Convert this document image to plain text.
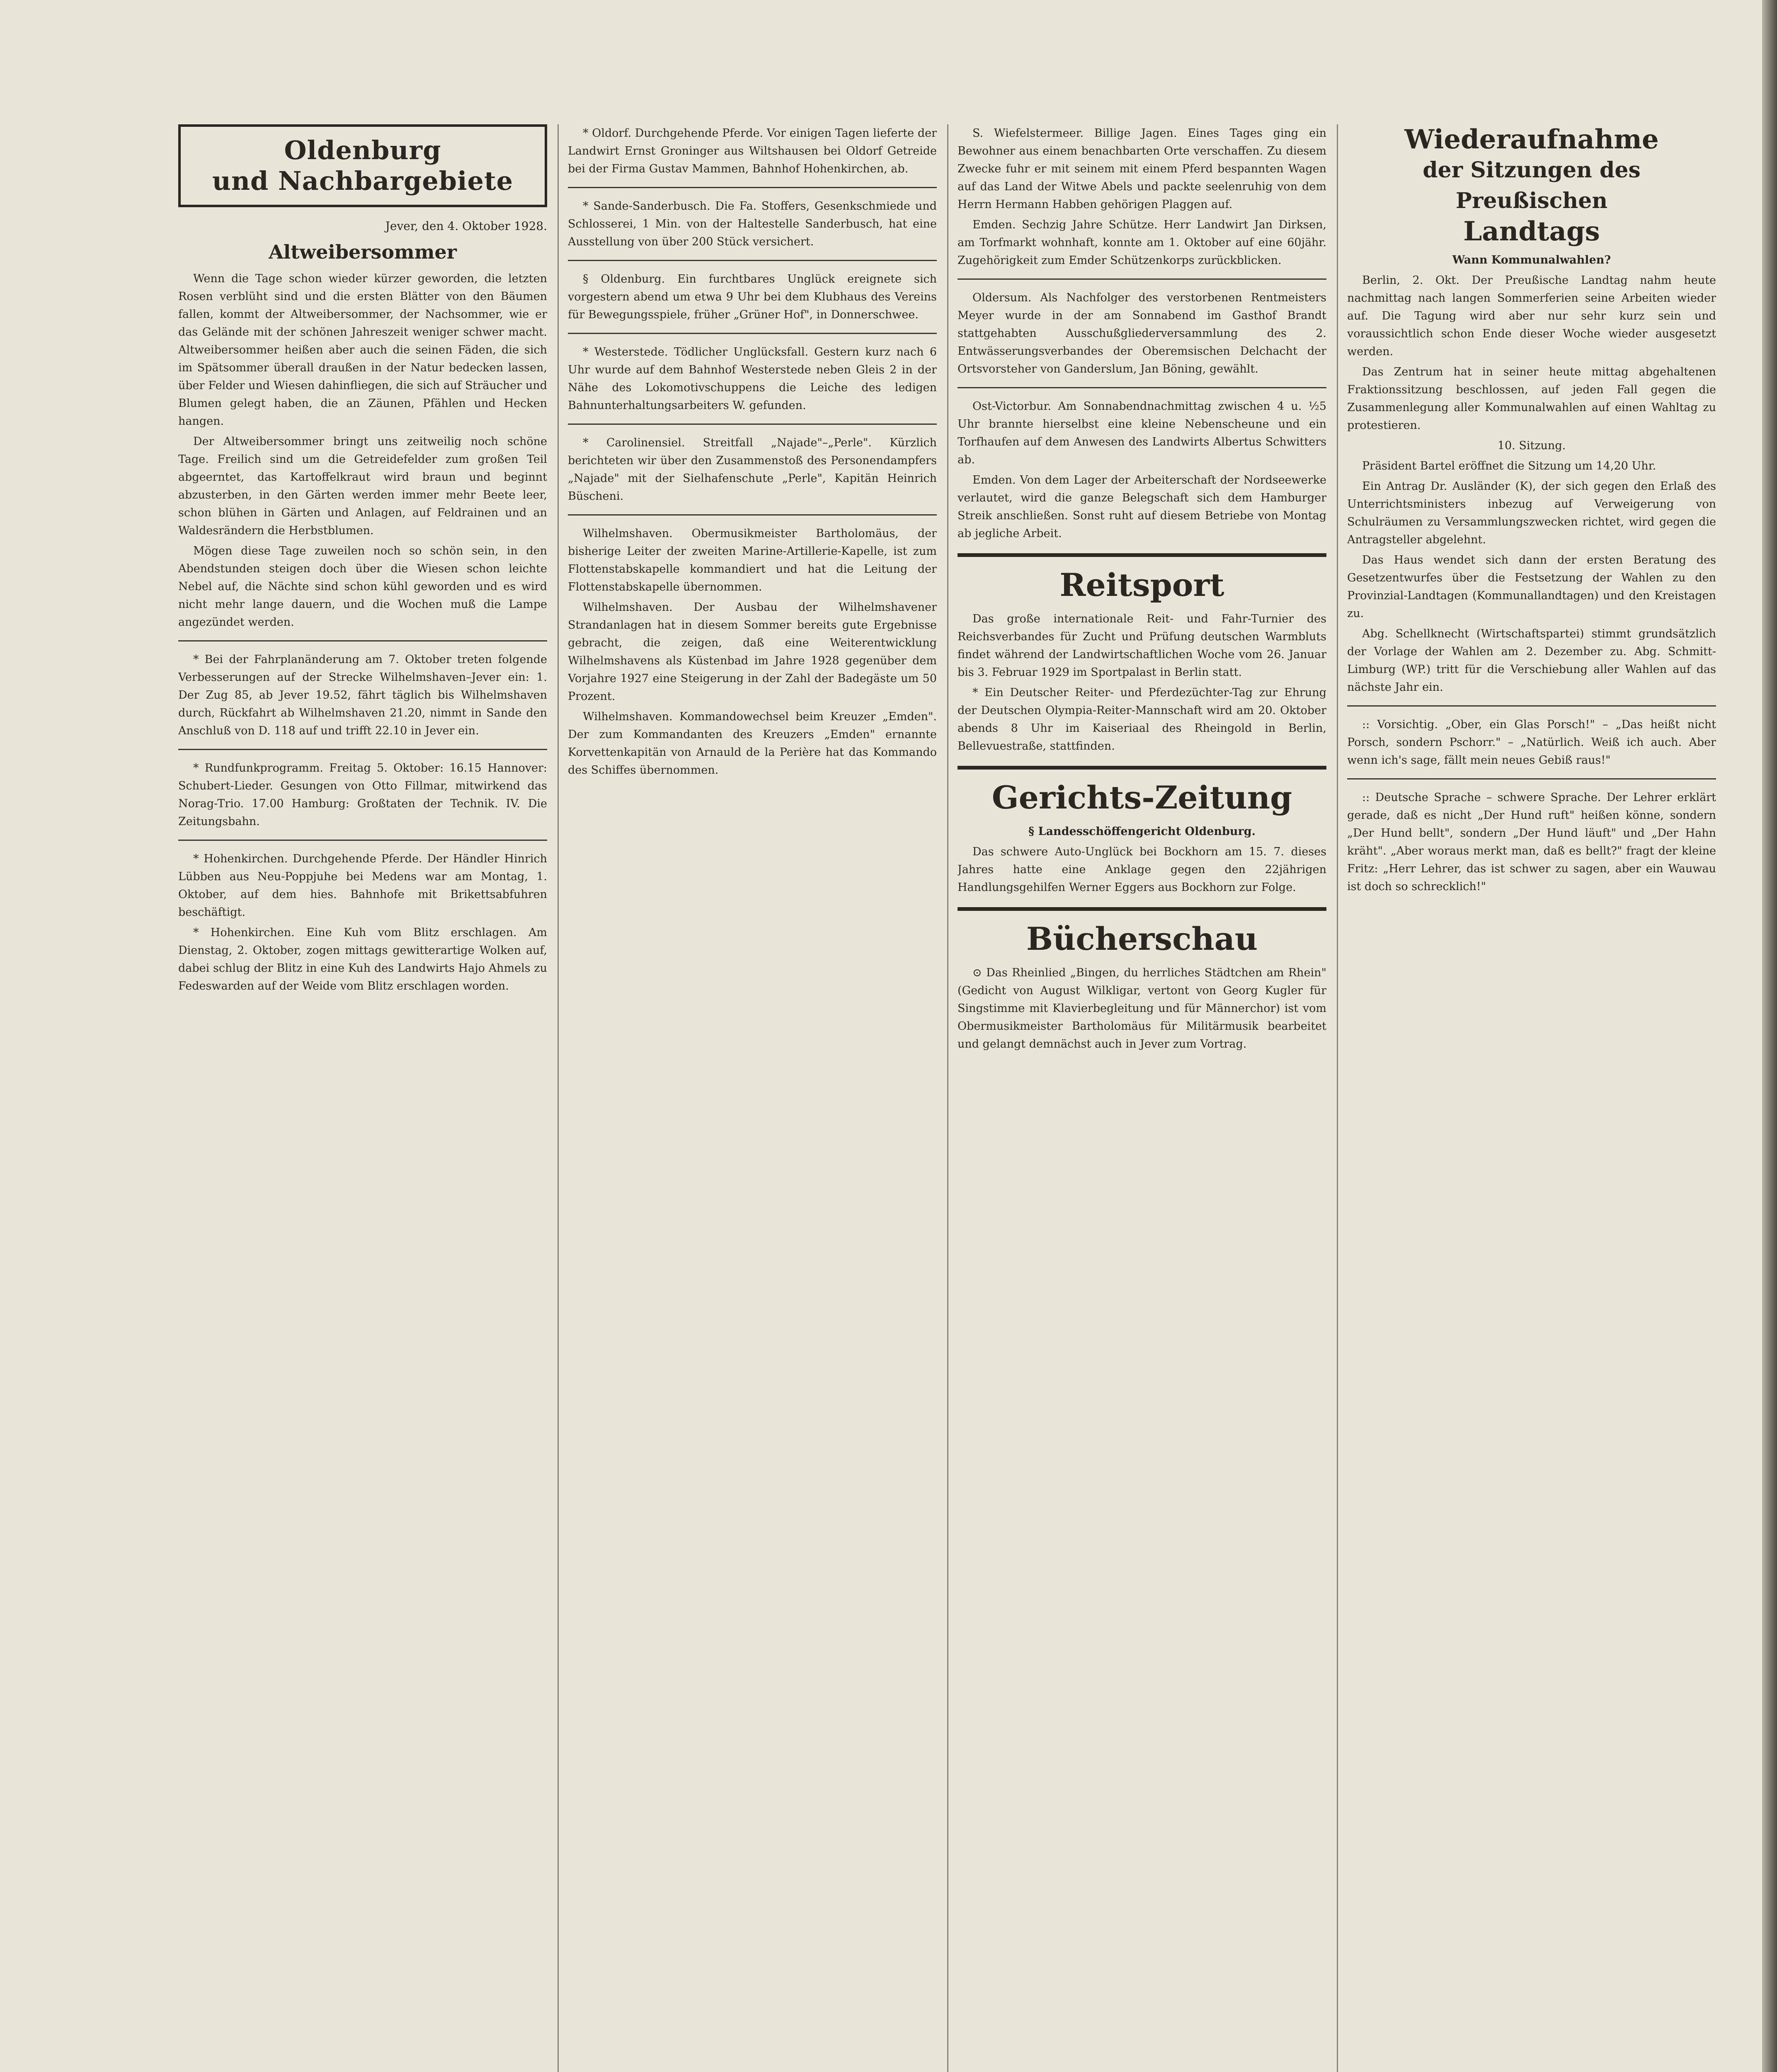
Oldenburg
und Nachbargebiete
Jever, den 4. Oktober 1928.
Altweibersommer

Wenn die Tage schon wieder kürzer geworden, die letzten Rosen verblüht sind und die ersten Blätter von den Bäumen fallen, kommt der Altweibersommer, der Nachsommer, wie er das Gelände mit der schönen Jahreszeit weniger schwer macht. Altweibersommer heißen aber auch die seinen Fäden, die sich im Spätsommer überall draußen in der Natur bedecken lassen, über Felder und Wiesen dahinfliegen, die sich auf Sträucher und Blumen gelegt haben, die an Zäunen, Pfählen und Hecken hangen.

Der Altweibersommer bringt uns zeitweilig noch schöne Tage. Freilich sind um die Getreidefelder zum großen Teil abgeerntet, das Kartoffelkraut wird braun und beginnt abzusterben, in den Gärten werden immer mehr Beete leer, schon blühen in Gärten und Anlagen, auf Feldrainen und an Waldesrändern die Herbstblumen.

Mögen diese Tage zuweilen noch so schön sein, in den Abendstunden steigen doch über die Wiesen schon leichte Nebel auf, die Nächte sind schon kühl geworden und es wird nicht mehr lange dauern, und die Wochen muß die Lampe angezündet werden.

* Bei der Fahrplanänderung am 7. Oktober treten folgende Verbesserungen auf der Strecke Wilhelmshaven–Jever ein: 1. Der Zug 85, ab Jever 19.52, fährt täglich bis Wilhelmshaven durch, Rückfahrt ab Wilhelmshaven 21.20, nimmt in Sande den Anschluß von D. 118 auf und trifft 22.10 in Jever ein.

* Rundfunkprogramm. Freitag 5. Oktober: 16.15 Hannover: Schubert-Lieder. Gesungen von Otto Fillmar, mitwirkend das Norag-Trio. 17.00 Hamburg: Großtaten der Technik. IV. Die Zeitungsbahn.

* Hohenkirchen. Durchgehende Pferde. Der Händler Hinrich Lübben aus Neu-Poppjuhe bei Medens war am Montag, 1. Oktober, auf dem hies. Bahnhofe mit Brikettsabfuhren beschäftigt.

* Hohenkirchen. Eine Kuh vom Blitz erschlagen. Am Dienstag, 2. Oktober, zogen mittags gewitterartige Wolken auf, dabei schlug der Blitz in eine Kuh des Landwirts Hajo Ahmels zu Fedeswarden auf der Weide vom Blitz erschlagen worden.

* Oldorf. Durchgehende Pferde. Vor einigen Tagen lieferte der Landwirt Ernst Groninger aus Wiltshausen bei Oldorf Getreide bei der Firma Gustav Mammen, Bahnhof Hohenkirchen, ab.

* Sande-Sanderbusch. Die Fa. Stoffers, Gesenkschmiede und Schlosserei, 1 Min. von der Haltestelle Sanderbusch, hat eine Ausstellung von über 200 Stück versichert.

§ Oldenburg. Ein furchtbares Unglück ereignete sich vorgestern abend um etwa 9 Uhr bei dem Klubhaus des Vereins für Bewegungsspiele, früher „Grüner Hof", in Donnerschwee.

* Westerstede. Tödlicher Unglücksfall. Gestern kurz nach 6 Uhr wurde auf dem Bahnhof Westerstede neben Gleis 2 in der Nähe des Lokomotivschuppens die Leiche des ledigen Bahnunterhaltungsarbeiters W. gefunden.

* Carolinensiel. Streitfall „Najade"–„Perle". Kürzlich berichteten wir über den Zusammenstoß des Personendampfers „Najade" mit der Sielhafenschute „Perle", Kapitän Heinrich Büscheni.

Wilhelmshaven. Obermusikmeister Bartholomäus, der bisherige Leiter der zweiten Marine-Artillerie-Kapelle, ist zum Flottenstabskapelle kommandiert und hat die Leitung der Flottenstabskapelle übernommen.

Wilhelmshaven. Der Ausbau der Wilhelmshavener Strandanlagen hat in diesem Sommer bereits gute Ergebnisse gebracht, die zeigen, daß eine Weiterentwicklung Wilhelmshavens als Küstenbad im Jahre 1928 gegenüber dem Vorjahre 1927 eine Steigerung in der Zahl der Badegäste um 50 Prozent.

Wilhelmshaven. Kommandowechsel beim Kreuzer „Emden". Der zum Kommandanten des Kreuzers „Emden" ernannte Korvettenkapitän von Arnauld de la Perière hat das Kommando des Schiffes übernommen.

S. Wiefelstermeer. Billige Jagen. Eines Tages ging ein Bewohner aus einem benachbarten Orte verschaffen. Zu diesem Zwecke fuhr er mit seinem mit einem Pferd bespannten Wagen auf das Land der Witwe Abels und packte seelenruhig von dem Herrn Hermann Habben gehörigen Plaggen auf.

Emden. Sechzig Jahre Schütze. Herr Landwirt Jan Dirksen, am Torfmarkt wohnhaft, konnte am 1. Oktober auf eine 60jähr. Zugehörigkeit zum Emder Schützenkorps zurückblicken.

Oldersum. Als Nachfolger des verstorbenen Rentmeisters Meyer wurde in der am Sonnabend im Gasthof Brandt stattgehabten Ausschußgliederversammlung des 2. Entwässerungsverbandes der Oberemsischen Delchacht der Ortsvorsteher von Ganderslum, Jan Böning, gewählt.

Ost-Victorbur. Am Sonnabendnachmittag zwischen 4 u. ½5 Uhr brannte hierselbst eine kleine Nebenscheune und ein Torfhaufen auf dem Anwesen des Landwirts Albertus Schwitters ab.

Emden. Von dem Lager der Arbeiterschaft der Nordseewerke verlautet, wird die ganze Belegschaft sich dem Hamburger Streik anschließen. Sonst ruht auf diesem Betriebe von Montag ab jegliche Arbeit.

Reitsport

Das große internationale Reit- und Fahr-Turnier des Reichsverbandes für Zucht und Prüfung deutschen Warmbluts findet während der Landwirtschaftlichen Woche vom 26. Januar bis 3. Februar 1929 im Sportpalast in Berlin statt.

* Ein Deutscher Reiter- und Pferdezüchter-Tag zur Ehrung der Deutschen Olympia-Reiter-Mannschaft wird am 20. Oktober abends 8 Uhr im Kaiseriaal des Rheingold in Berlin, Bellevuestraße, stattfinden.

Gerichts-Zeitung

§ Landesschöffengericht Oldenburg.

Das schwere Auto-Unglück bei Bockhorn am 15. 7. dieses Jahres hatte eine Anklage gegen den 22jährigen Handlungsgehilfen Werner Eggers aus Bockhorn zur Folge.

Bücherschau

⊙ Das Rheinlied „Bingen, du herrliches Städtchen am Rhein" (Gedicht von August Wilkligar, vertont von Georg Kugler für Singstimme mit Klavierbegleitung und für Männerchor) ist vom Obermusikmeister Bartholomäus für Militärmusik bearbeitet und gelangt demnächst auch in Jever zum Vortrag.

Wiederaufnahme
der Sitzungen des Preußischen
Landtags
Wann Kommunalwahlen?

Berlin, 2. Okt. Der Preußische Landtag nahm heute nachmittag nach langen Sommerferien seine Arbeiten wieder auf. Die Tagung wird aber nur sehr kurz sein und voraussichtlich schon Ende dieser Woche wieder ausgesetzt werden.

Das Zentrum hat in seiner heute mittag abgehaltenen Fraktionssitzung beschlossen, auf jeden Fall gegen die Zusammenlegung aller Kommunalwahlen auf einen Wahltag zu protestieren.

10. Sitzung.

Präsident Bartel eröffnet die Sitzung um 14,20 Uhr.

Ein Antrag Dr. Ausländer (K), der sich gegen den Erlaß des Unterrichtsministers inbezug auf Verweigerung von Schulräumen zu Versammlungszwecken richtet, wird gegen die Antragsteller abgelehnt.

Das Haus wendet sich dann der ersten Beratung des Gesetzentwurfes über die Festsetzung der Wahlen zu den Provinzial-Landtagen (Kommunallandtagen) und den Kreistagen zu.

Abg. Schellknecht (Wirtschaftspartei) stimmt grundsätzlich der Vorlage der Wahlen am 2. Dezember zu. Abg. Schmitt-Limburg (WP.) tritt für die Verschiebung aller Wahlen auf das nächste Jahr ein.

:: Vorsichtig. „Ober, ein Glas Porsch!" – „Das heißt nicht Porsch, sondern Pschorr." – „Natürlich. Weiß ich auch. Aber wenn ich's sage, fällt mein neues Gebiß raus!"

:: Deutsche Sprache – schwere Sprache. Der Lehrer erklärt gerade, daß es nicht „Der Hund ruft" heißen könne, sondern „Der Hund bellt", sondern „Der Hund läuft" und „Der Hahn kräht". „Aber woraus merkt man, daß es bellt?" fragt der kleine Fritz: „Herr Lehrer, das ist schwer zu sagen, aber ein Wauwau ist doch so schrecklich!"
